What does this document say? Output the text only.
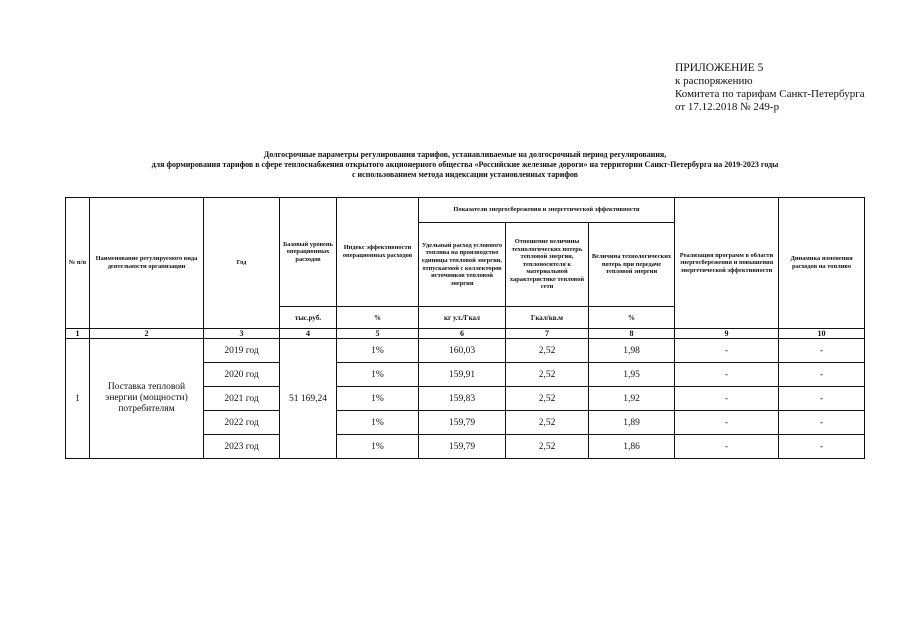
ПРИЛОЖЕНИЕ 5
к распоряжению
Комитета по тарифам Санкт-Петербурга
от 17.12.2018 № 249-р
Долгосрочные параметры регулирования тарифов, устанавливаемые на долгосрочный период регулирования,
для формирования тарифов в сфере теплоснабжения открытого акционерного общества «Российские железные дороги» на территории Санкт-Петербурга на 2019-2023 годы
с использованием метода индексации установленных тарифов
№ п/п	Наименование регулируемого вида деятельности организации	Год	Базовый уровень операционных расходов	Индекс эффективности операционных расходов	Показатели энергосбережения и энергетической эффективности			Реализация программ в области энергосбережения и повышения энергетической эффективности	Динамика изменения расходов на топливо
					Удельный расход условного топлива на производство единицы тепловой энергии, отпускаемой с коллекторов источников тепловой энергии	Отношение величины технологических потерь тепловой энергии, теплоносителя к материальной характеристике тепловой сети	Величина технологических потерь при передаче тепловой энергии		
			тыс.руб.	%	кг у.т./Гкал	Гкал/кв.м	%		
1	2	3	4	5	6	7	8	9	10
1	Поставка тепловой энергии (мощности) потребителям	2019 год	51 169,24	1%	160,03	2,52	1,98	-	-
		2020 год		1%	159,91	2,52	1,95	-	-
		2021 год		1%	159,83	2,52	1,92	-	-
		2022 год		1%	159,79	2,52	1,89	-	-
		2023 год		1%	159,79	2,52	1,86	-	-
